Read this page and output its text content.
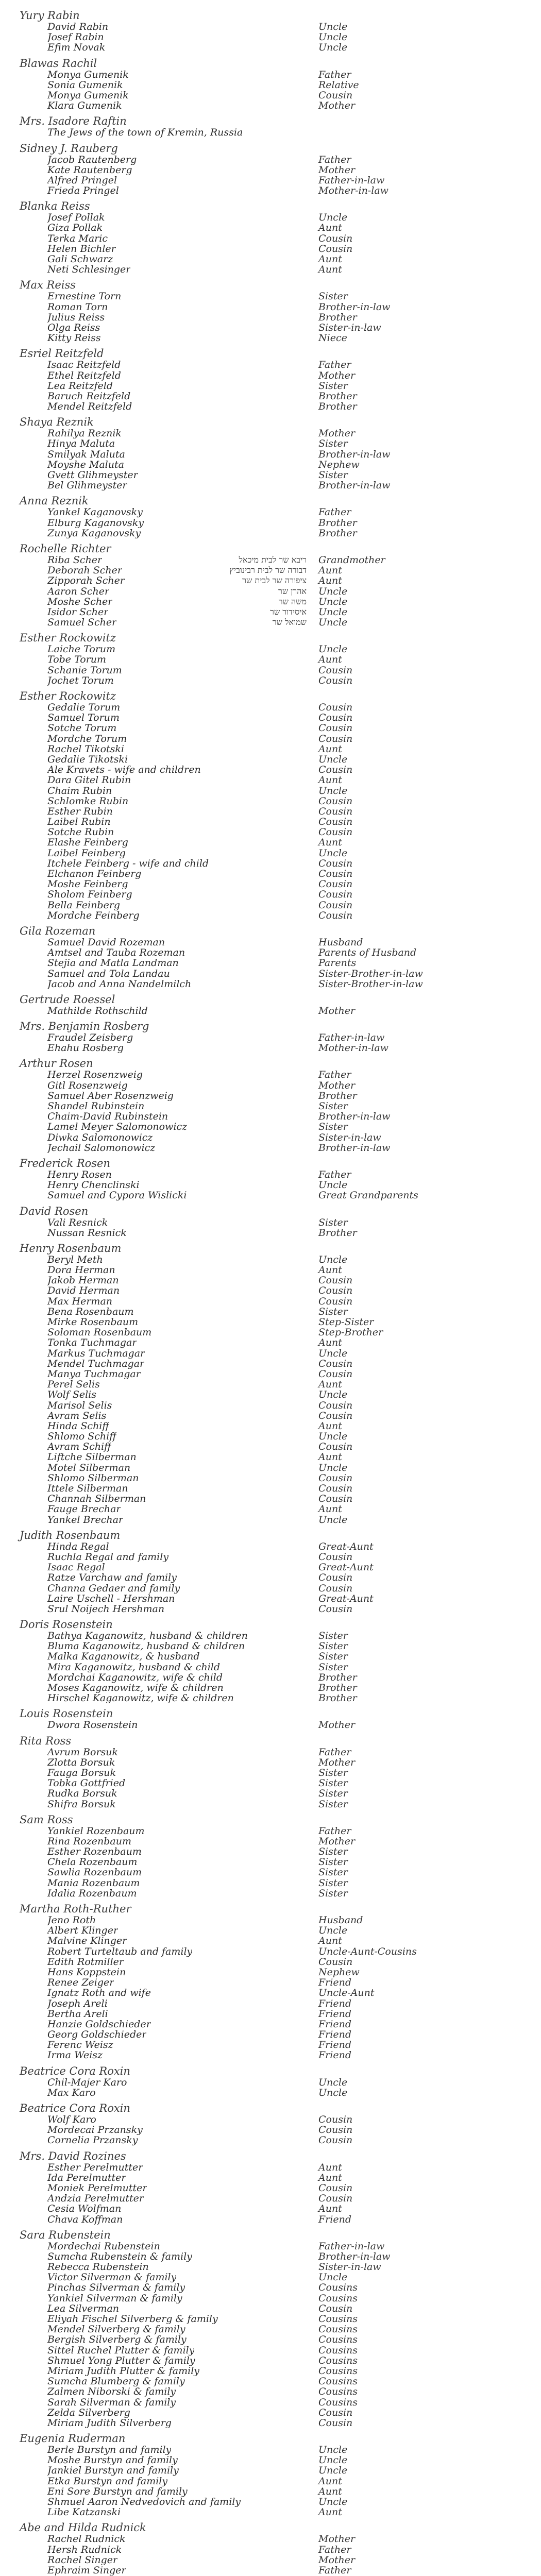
Yury Rabin
David Rabin	Uncle
Josef Rabin	Uncle
Efim Novak	Uncle
Blawas Rachil
Monya Gumenik	Father
Sonia Gumenik	Relative
Monya Gumenik	Cousin
Klara Gumenik	Mother
Mrs. Isadore Raftin
The Jews of the town of Kremin, Russia
Sidney J. Rauberg
Jacob Rautenberg	Father
Kate Rautenberg	Mother
Alfred Pringel	Father-in-law
Frieda Pringel	Mother-in-law
Blanka Reiss
Josef Pollak	Uncle
Giza Pollak	Aunt
Terka Maric	Cousin
Helen Bichler	Cousin
Gali Schwarz	Aunt
Neti Schlesinger	Aunt
Max Reiss
Ernestine Torn	Sister
Roman Torn	Brother-in-law
Julius Reiss	Brother
Olga Reiss	Sister-in-law
Kitty Reiss	Niece
Esriel Reitzfeld
Isaac Reitzfeld	Father
Ethel Reitzfeld	Mother
Lea Reitzfeld	Sister
Baruch Reitzfeld	Brother
Mendel Reitzfeld	Brother
Shaya Reznik
Rahilya Reznik	Mother
Hinya Maluta	Sister
Smilyak Maluta	Brother-in-law
Moyshe Maluta	Nephew
Gvett Glihmeyster	Sister
Bel Glihmeyster	Brother-in-law
Anna Reznik
Yankel Kaganovsky	Father
Elburg Kaganovsky	Brother
Zunya Kaganovsky	Brother
Rochelle Richter
Riba Scher	ריבא שר לבית מיכאל Grandmother
Deborah Scher	דבורה שר לבית רבינוביץ Aunt
Zipporah Scher	ציפורה שר לבית שר Aunt
Aaron Scher	אהרן שר Uncle
Moshe Scher	משה שר Uncle
Isidor Scher	איסידור שר Uncle
Samuel Scher	שמואל שר Uncle
Esther Rockowitz
Laiche Torum	Uncle
Tobe Torum	Aunt
Schanie Torum	Cousin
Jochet Torum	Cousin
Esther Rockowitz
Gedalie Torum	Cousin
Samuel Torum	Cousin
Sotche Torum	Cousin
Mordche Torum	Cousin
Rachel Tikotski	Aunt
Gedalie Tikotski	Uncle
Ale Kravets - wife and children	Cousin
Dara Gitel Rubin	Aunt
Chaim Rubin	Uncle
Schlomke Rubin	Cousin
Esther Rubin	Cousin
Laibel Rubin	Cousin
Sotche Rubin	Cousin
Elashe Feinberg	Aunt
Laibel Feinberg	Uncle
Itchele Feinberg - wife and child	Cousin
Elchanon Feinberg	Cousin
Moshe Feinberg	Cousin
Sholom Feinberg	Cousin
Bella Feinberg	Cousin
Mordche Feinberg	Cousin
Gila Rozeman
Samuel David Rozeman	Husband
Amtsel and Tauba Rozeman	Parents of Husband
Stejia and Matla Landman	Parents
Samuel and Tola Landau	Sister-Brother-in-law
Jacob and Anna Nandelmilch	Sister-Brother-in-law
Gertrude Roessel
Mathilde Rothschild	Mother
Mrs. Benjamin Rosberg
Fraudel Zeisberg	Father-in-law
Ehahu Rosberg	Mother-in-law
Arthur Rosen
Herzel Rosenzweig	Father
Gitl Rosenzweig	Mother
Samuel Aber Rosenzweig	Brother
Shandel Rubinstein	Sister
Chaim-David Rubinstein	Brother-in-law
Lamel Meyer Salomonowicz	Sister
Diwka Salomonowicz	Sister-in-law
Jechail Salomonowicz	Brother-in-law
Frederick Rosen
Henry Rosen	Father
Henry Chenclinski	Uncle
Samuel and Cypora Wislicki	Great Grandparents
David Rosen
Vali Resnick	Sister
Nussan Resnick	Brother
Henry Rosenbaum
Beryl Meth	Uncle
Dora Herman	Aunt
Jakob Herman	Cousin
David Herman	Cousin
Max Herman	Cousin
Bena Rosenbaum	Sister
Mirke Rosenbaum	Step-Sister
Soloman Rosenbaum	Step-Brother
Tonka Tuchmagar	Aunt
Markus Tuchmagar	Uncle
Mendel Tuchmagar	Cousin
Manya Tuchmagar	Cousin
Perel Selis	Aunt
Wolf Selis	Uncle
Marisol Selis	Cousin
Avram Selis	Cousin
Hinda Schiff	Aunt
Shlomo Schiff	Uncle
Avram Schiff	Cousin
Liftche Silberman	Aunt
Motel Silberman	Uncle
Shlomo Silberman	Cousin
Ittele Silberman	Cousin
Channah Silberman	Cousin
Fauge Brechar	Aunt
Yankel Brechar	Uncle
Judith Rosenbaum
Hinda Regal	Great-Aunt
Ruchla Regal and family	Cousin
Isaac Regal	Great-Aunt
Ratze Varchaw and family	Cousin
Channa Gedaer and family	Cousin
Laire Uschell - Hershman	Great-Aunt
Srul Noijech Hershman	Cousin
Doris Rosenstein
Bathya Kaganowitz, husband & children	Sister
Bluma Kaganowitz, husband & children	Sister
Malka Kaganowitz, & husband	Sister
Mira Kaganowitz, husband & child	Sister
Mordchai Kaganowitz, wife & child	Brother
Moses Kaganowitz, wife & children	Brother
Hirschel Kaganowitz, wife & children	Brother
Louis Rosenstein
Dwora Rosenstein	Mother
Rita Ross
Avrum Borsuk	Father
Zlotta Borsuk	Mother
Fauga Borsuk	Sister
Tobka Gottfried	Sister
Rudka Borsuk	Sister
Shifra Borsuk	Sister
Sam Ross
Yankiel Rozenbaum	Father
Rina Rozenbaum	Mother
Esther Rozenbaum	Sister
Chela Rozenbaum	Sister
Sawlia Rozenbaum	Sister
Mania Rozenbaum	Sister
Idalia Rozenbaum	Sister
Martha Roth-Ruther
Jeno Roth	Husband
Albert Klinger	Uncle
Malvine Klinger	Aunt
Robert Turteltaub and family	Uncle-Aunt-Cousins
Edith Rotmiller	Cousin
Hans Koppstein	Nephew
Renee Zeiger	Friend
Ignatz Roth and wife	Uncle-Aunt
Joseph Areli	Friend
Bertha Areli	Friend
Hanzie Goldschieder	Friend
Georg Goldschieder	Friend
Ferenc Weisz	Friend
Irma Weisz	Friend
Beatrice Cora Roxin
Chil-Majer Karo	Uncle
Max Karo	Uncle
Beatrice Cora Roxin
Wolf Karo	Cousin
Mordecai Przansky	Cousin
Cornelia Przansky	Cousin
Mrs. David Rozines
Esther Perelmutter	Aunt
Ida Perelmutter	Aunt
Moniek Perelmutter	Cousin
Andzia Perelmutter	Cousin
Cesia Wolfman	Aunt
Chava Koffman	Friend
Sara Rubenstein
Mordechai Rubenstein	Father-in-law
Sumcha Rubenstein & family	Brother-in-law
Rebecca Rubenstein	Sister-in-law
Victor Silverman & family	Uncle
Pinchas Silverman & family	Cousins
Yankiel Silverman & family	Cousins
Lea Silverman	Cousin
Eliyah Fischel Silverberg & family	Cousins
Mendel Silverberg & family	Cousins
Bergish Silverberg & family	Cousins
Sittel Ruchel Plutter & family	Cousins
Shmuel Yong Plutter & family	Cousins
Miriam Judith Plutter & family	Cousins
Sumcha Blumberg & family	Cousins
Zalmen Niborski & family	Cousins
Sarah Silverman & family	Cousins
Zelda Silverberg	Cousin
Miriam Judith Silverberg	Cousin
Eugenia Ruderman
Berle Burstyn and family	Uncle
Moshe Burstyn and family	Uncle
Jankiel Burstyn and family	Uncle
Etka Burstyn and family	Aunt
Eni Sore Burstyn and family	Aunt
Shmuel Aaron Nedvedovich and family	Uncle
Libe Katzanski	Aunt
Abe and Hilda Rudnick
Rachel Rudnick	Mother
Hersh Rudnick	Father
Rachel Singer	Mother
Ephraim Singer	Father
